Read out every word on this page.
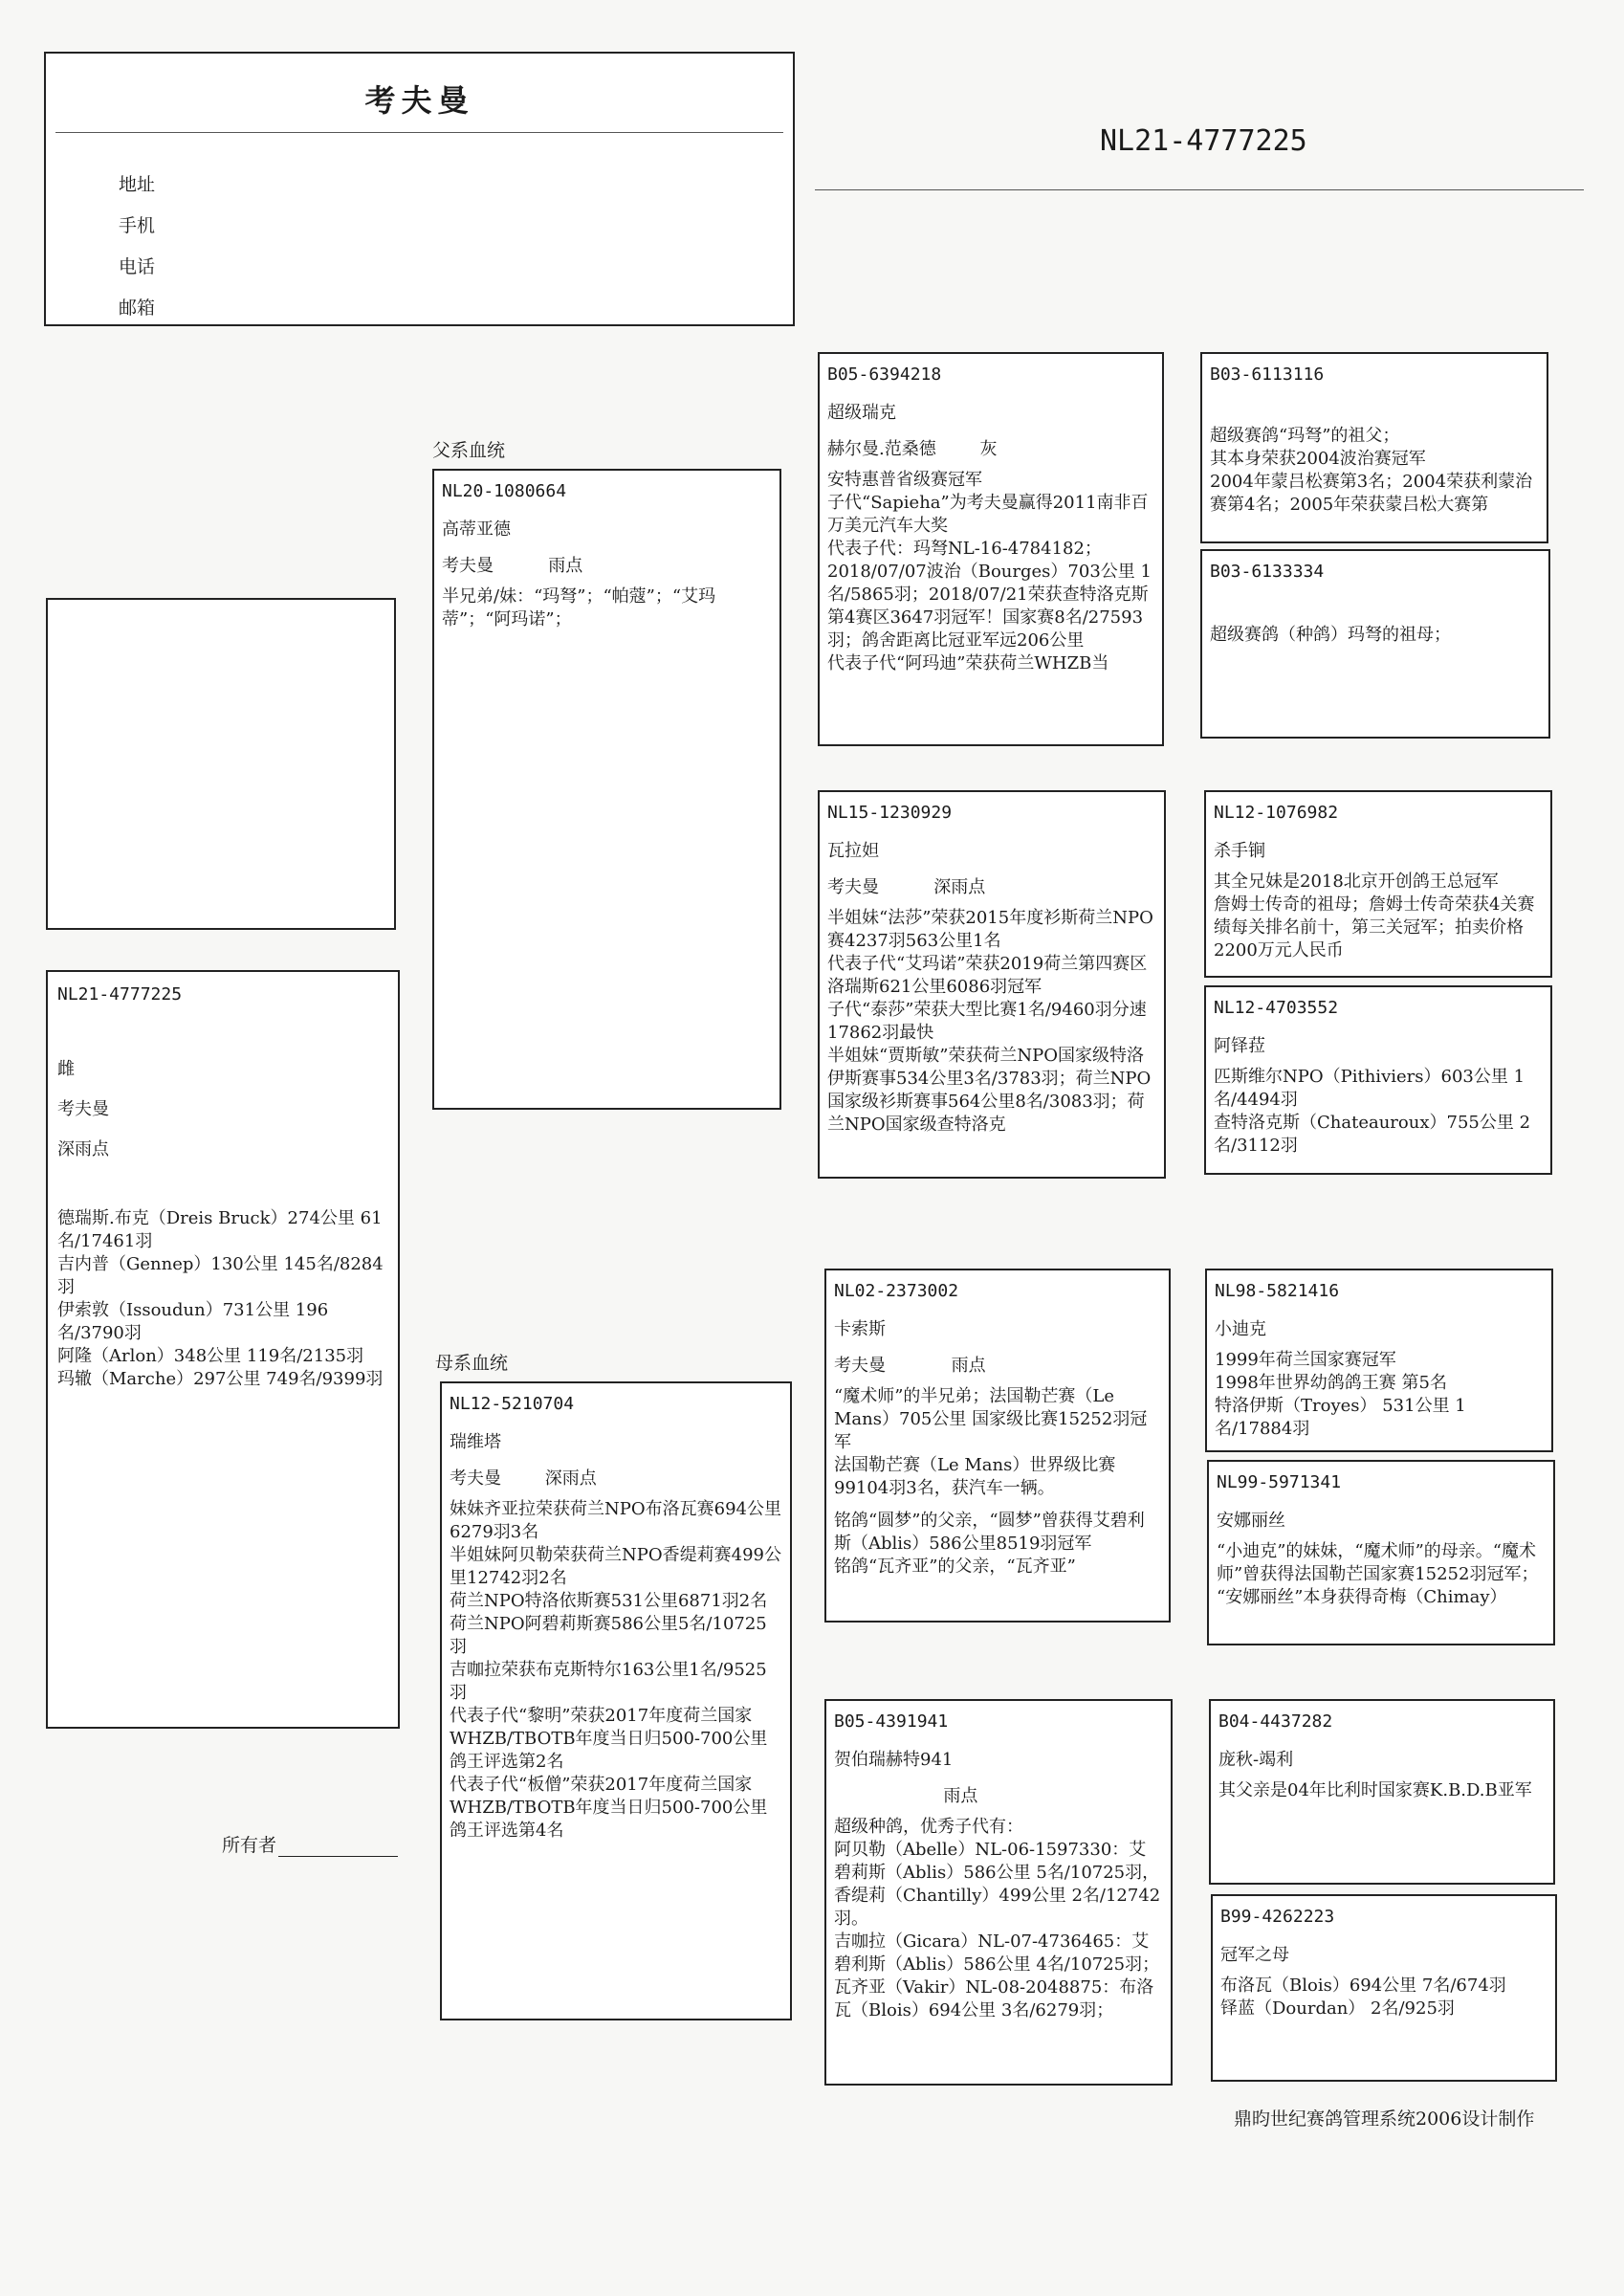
考夫曼
地址
手机
电话
邮箱
NL21-4777225
NL21-4777225
雌
考夫曼
深雨点
德瑞斯.布克（Dreis Bruck）274公里 61名/17461羽
吉内普（Gennep）130公里 145名/8284羽
伊索敦（Issoudun）731公里 196名/3790羽
阿隆（Arlon）348公里 119名/2135羽
玛辙（Marche）297公里 749名/9399羽
所有者
父系血统
母系血统
NL20-1080664
高蒂亚德
考夫曼          雨点
半兄弟/妹：“玛弩”；“帕蔻”；“艾玛蒂”；“阿玛诺”；
NL12-5210704
瑞维塔
考夫曼        深雨点
妹妹齐亚拉荣获荷兰NPO布洛瓦赛694公里6279羽3名
半姐妹阿贝勒荣获荷兰NPO香缇莉赛499公里12742羽2名
荷兰NPO特洛依斯赛531公里6871羽2名
荷兰NPO阿碧莉斯赛586公里5名/10725羽
吉咖拉荣获布克斯特尔163公里1名/9525羽
代表子代“黎明”荣获2017年度荷兰国家WHZB/TBOTB年度当日归500-700公里鸽王评选第2名
代表子代“板僧”荣获2017年度荷兰国家WHZB/TBOTB年度当日归500-700公里鸽王评选第4名
B05-6394218
超级瑞克
赫尔曼.范桑德        灰
安特惠普省级赛冠军
子代“Sapieha”为考夫曼赢得2011南非百万美元汽车大奖
代表子代：玛弩NL-16-4784182；2018/07/07波治（Bourges）703公里 1名/5865羽；2018/07/21荣获查特洛克斯第4赛区3647羽冠军！国家赛8名/27593羽；鸽舍距离比冠亚军远206公里
代表子代“阿玛迪”荣获荷兰WHZB当
NL15-1230929
瓦拉妲
考夫曼          深雨点
半姐妹“法莎”荣获2015年度衫斯荷兰NPO赛4237羽563公里1名
代表子代“艾玛诺”荣获2019荷兰第四赛区洛瑞斯621公里6086羽冠军
子代“泰莎”荣获大型比赛1名/9460羽分速17862羽最快
半姐妹“贾斯敏”荣获荷兰NPO国家级特洛伊斯赛事534公里3名/3783羽；荷兰NPO国家级衫斯赛事564公里8名/3083羽；荷兰NPO国家级查特洛克
NL02-2373002
卡索斯
考夫曼            雨点
“魔术师”的半兄弟；法国勒芒赛（Le Mans）705公里 国家级比赛15252羽冠军
法国勒芒赛（Le Mans）世界级比赛99104羽3名，获汽车一辆。
铭鸽“圆梦”的父亲，“圆梦”曾获得艾碧利斯（Ablis）586公里8519羽冠军
铭鸽“瓦齐亚”的父亲，“瓦齐亚”
B05-4391941
贺伯瑞赫特941
雨点
超级种鸽，优秀子代有：
阿贝勒（Abelle）NL-06-1597330：艾碧莉斯（Ablis）586公里 5名/10725羽，香缇莉（Chantilly）499公里 2名/12742羽。
吉咖拉（Gicara）NL-07-4736465：艾碧利斯（Ablis）586公里 4名/10725羽；
瓦齐亚（Vakir）NL-08-2048875：布洛瓦（Blois）694公里 3名/6279羽；
B03-6113116
超级赛鸽“玛弩”的祖父；
其本身荣获2004波治赛冠军
2004年蒙吕松赛第3名；2004荣获利蒙治赛第4名；2005年荣获蒙吕松大赛第
B03-6133334
超级赛鸽（种鸽）玛弩的祖母；
NL12-1076982
杀手锏
其全兄妹是2018北京开创鸽王总冠军
詹姆士传奇的祖母；詹姆士传奇荣获4关赛绩每关排名前十，第三关冠军；拍卖价格2200万元人民币
NL12-4703552
阿铎菈
匹斯维尔NPO（Pithiviers）603公里 1名/4494羽
查特洛克斯（Chateauroux）755公里 2名/3112羽
NL98-5821416
小迪克
1999年荷兰国家赛冠军
1998年世界幼鸽鸽王赛 第5名
特洛伊斯（Troyes） 531公里 1名/17884羽
NL99-5971341
安娜丽丝
“小迪克”的妹妹，“魔术师”的母亲。“魔术师”曾获得法国勒芒国家赛15252羽冠军；
“安娜丽丝”本身获得奇梅（Chimay）
B04-4437282
庞秋-竭利
其父亲是04年比利时国家赛K.B.D.B亚军
B99-4262223
冠军之母
布洛瓦（Blois）694公里 7名/674羽
铎蓝（Dourdan） 2名/925羽
鼎昀世纪赛鸽管理系统2006设计制作
